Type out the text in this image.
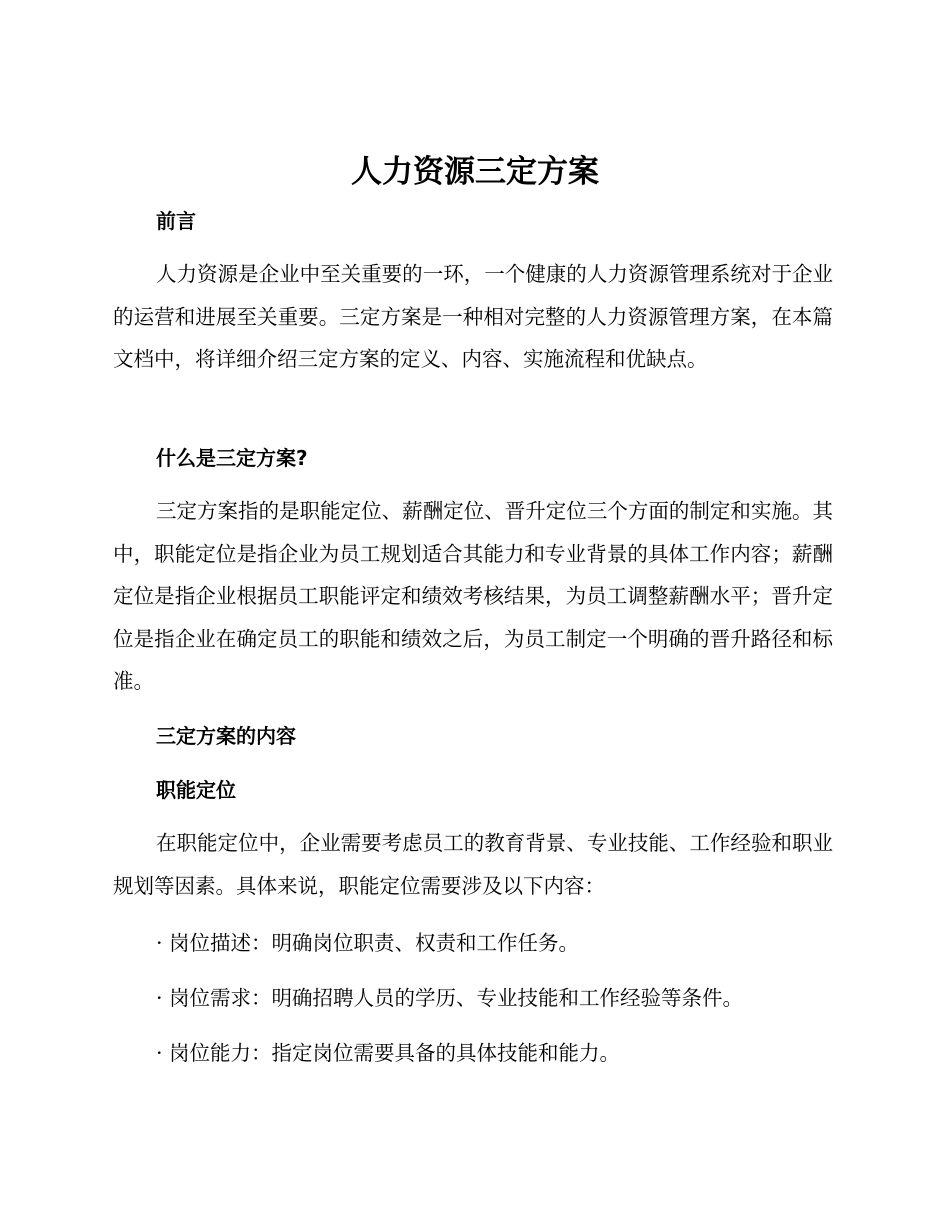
人力资源三定方案
前言

人力资源是企业中至关重要的一环，一个健康的人力资源管理系统对于企业的运营和进展至关重要。三定方案是一种相对完整的人力资源管理方案，在本篇文档中，将详细介绍三定方案的定义、内容、实施流程和优缺点。

什么是三定方案?

三定方案指的是职能定位、薪酬定位、晋升定位三个方面的制定和实施。其中，职能定位是指企业为员工规划适合其能力和专业背景的具体工作内容；薪酬定位是指企业根据员工职能评定和绩效考核结果，为员工调整薪酬水平；晋升定位是指企业在确定员工的职能和绩效之后，为员工制定一个明确的晋升路径和标准。

三定方案的内容
职能定位

在职能定位中，企业需要考虑员工的教育背景、专业技能、工作经验和职业规划等因素。具体来说，职能定位需要涉及以下内容：

· 岗位描述：明确岗位职责、权责和工作任务。

· 岗位需求：明确招聘人员的学历、专业技能和工作经验等条件。

· 岗位能力：指定岗位需要具备的具体技能和能力。
